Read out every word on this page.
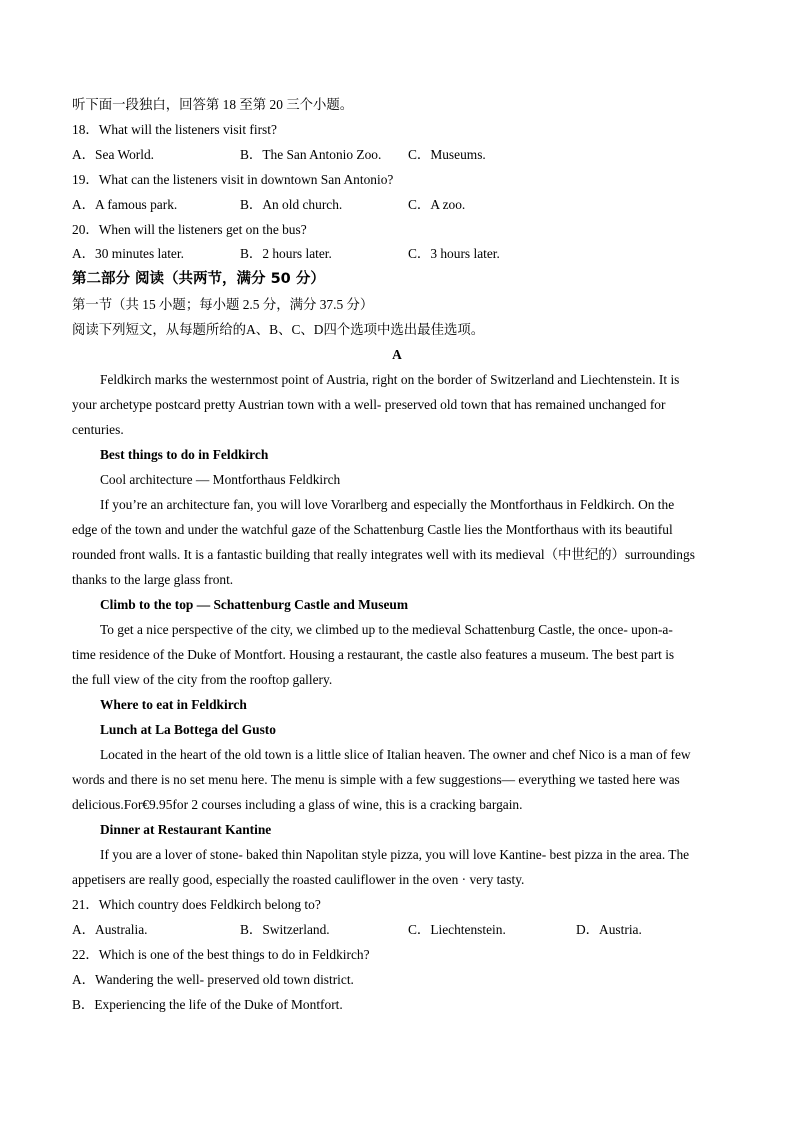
听下面一段独白，回答第 18 至第 20 三个小题。
18．What will the listeners visit first?
A．Sea World.	B．The San Antonio Zoo. C．Museums.
19．What can the listeners visit in downtown San Antonio?
A．A famous park.	B．An old church.	C．A zoo.
20．When will the listeners get on the bus?
A．30 minutes later.	B．2 hours later.	C．3 hours later.
第二部分 阅读（共两节，满分 50 分）
第一节（共 15 小题；每小题 2.5 分，满分 37.5 分）
阅读下列短文，从每题所给的A、B、C、D四个选项中选出最佳选项。
A
Feldkirch marks the westernmost point of Austria, right on the border of Switzerland and Liechtenstein. It is
your archetype postcard pretty Austrian town with a well- preserved old town that has remained unchanged for
centuries.
Best things to do in Feldkirch
Cool architecture — Montforthaus Feldkirch
If you’re an architecture fan, you will love Vorarlberg and especially the Montforthaus in Feldkirch. On the
edge of the town and under the watchful gaze of the Schattenburg Castle lies the Montforthaus with its beautiful
rounded front walls. It is a fantastic building that really integrates well with its medieval（中世纪的）surroundings
thanks to the large glass front.
Climb to the top — Schattenburg Castle and Museum
To get a nice perspective of the city, we climbed up to the medieval Schattenburg Castle, the once- upon-a-
time residence of the Duke of Montfort. Housing a restaurant, the castle also features a museum. The best part is
the full view of the city from the rooftop gallery.
Where to eat in Feldkirch
Lunch at La Bottega del Gusto
Located in the heart of the old town is a little slice of Italian heaven. The owner and chef Nico is a man of few
words and there is no set menu here. The menu is simple with a few suggestions— everything we tasted here was
delicious.For€9.95for 2 courses including a glass of wine, this is a cracking bargain.
Dinner at Restaurant Kantine
If you are a lover of stone- baked thin Napolitan style pizza, you will love Kantine- best pizza in the area. The
appetisers are really good, especially the roasted cauliflower in the oven · very tasty.
21．Which country does Feldkirch belong to?
A．Australia.	B．Switzerland.	C．Liechtenstein.	D．Austria.
22．Which is one of the best things to do in Feldkirch?
A．Wandering the well- preserved old town district.
B．Experiencing the life of the Duke of Montfort.
